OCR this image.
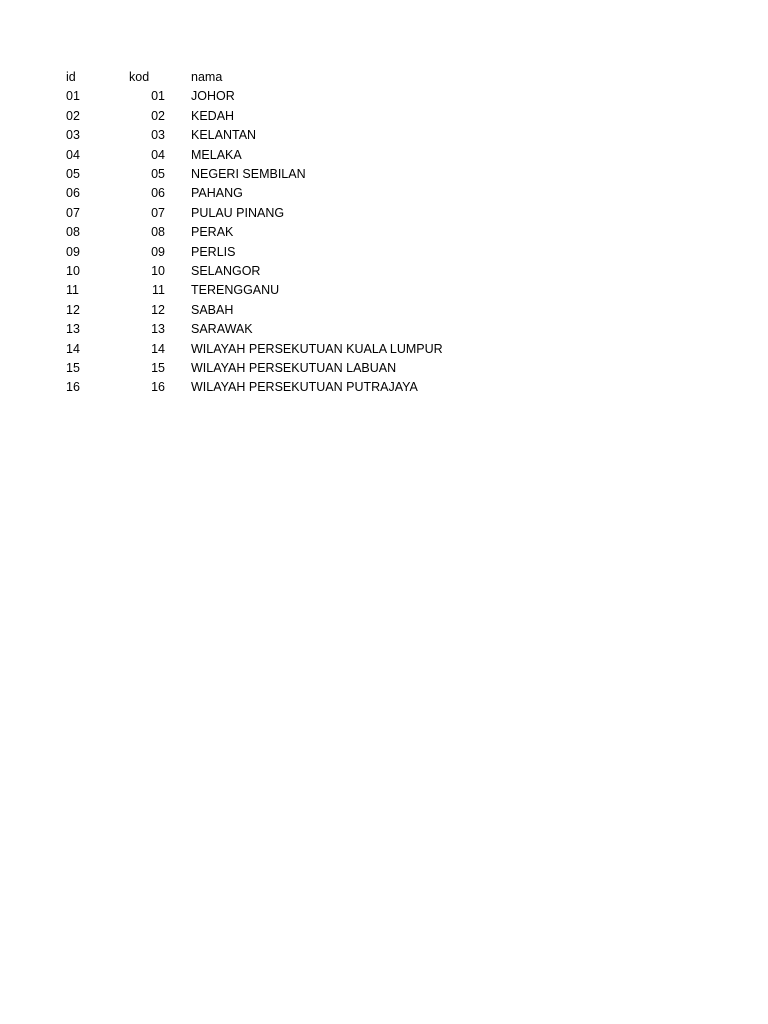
id	kod	nama
01	01 JOHOR
02	02 KEDAH
03	03 KELANTAN
04	04 MELAKA
05	05 NEGERI SEMBILAN
06	06 PAHANG
07	07 PULAU PINANG
08	08 PERAK
09	09 PERLIS
10	10 SELANGOR
11	11 TERENGGANU
12	12 SABAH
13	13 SARAWAK
14	14 WILAYAH PERSEKUTUAN KUALA LUMPUR
15	15 WILAYAH PERSEKUTUAN LABUAN
16	16 WILAYAH PERSEKUTUAN PUTRAJAYA
